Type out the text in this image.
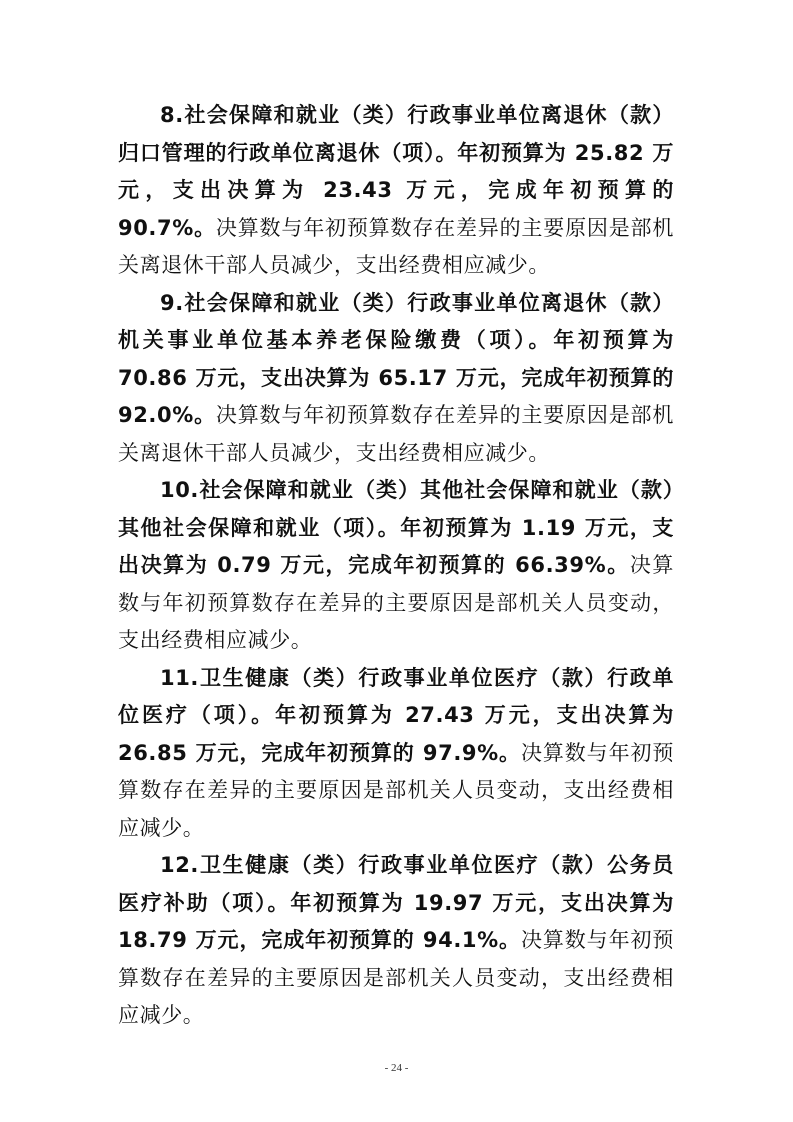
8.社会保障和就业（类）行政事业单位离退休（款）归口管理的行政单位离退休（项）。年初预算为 25.82 万元，支出决算为 23.43 万元，完成年初预算的 90.7%。决算数与年初预算数存在差异的主要原因是部机关离退休干部人员减少，支出经费相应减少。

9.社会保障和就业（类）行政事业单位离退休（款）机关事业单位基本养老保险缴费（项）。年初预算为 70.86 万元，支出决算为 65.17 万元，完成年初预算的 92.0%。决算数与年初预算数存在差异的主要原因是部机关离退休干部人员减少，支出经费相应减少。

10.社会保障和就业（类）其他社会保障和就业（款）其他社会保障和就业（项）。年初预算为 1.19 万元，支出决算为 0.79 万元，完成年初预算的 66.39%。决算数与年初预算数存在差异的主要原因是部机关人员变动，支出经费相应减少。

11.卫生健康（类）行政事业单位医疗（款）行政单位医疗（项）。年初预算为 27.43 万元，支出决算为 26.85 万元，完成年初预算的 97.9%。决算数与年初预算数存在差异的主要原因是部机关人员变动，支出经费相应减少。

12.卫生健康（类）行政事业单位医疗（款）公务员医疗补助（项）。年初预算为 19.97 万元，支出决算为 18.79 万元，完成年初预算的 94.1%。决算数与年初预算数存在差异的主要原因是部机关人员变动，支出经费相应减少。

- 24 -
